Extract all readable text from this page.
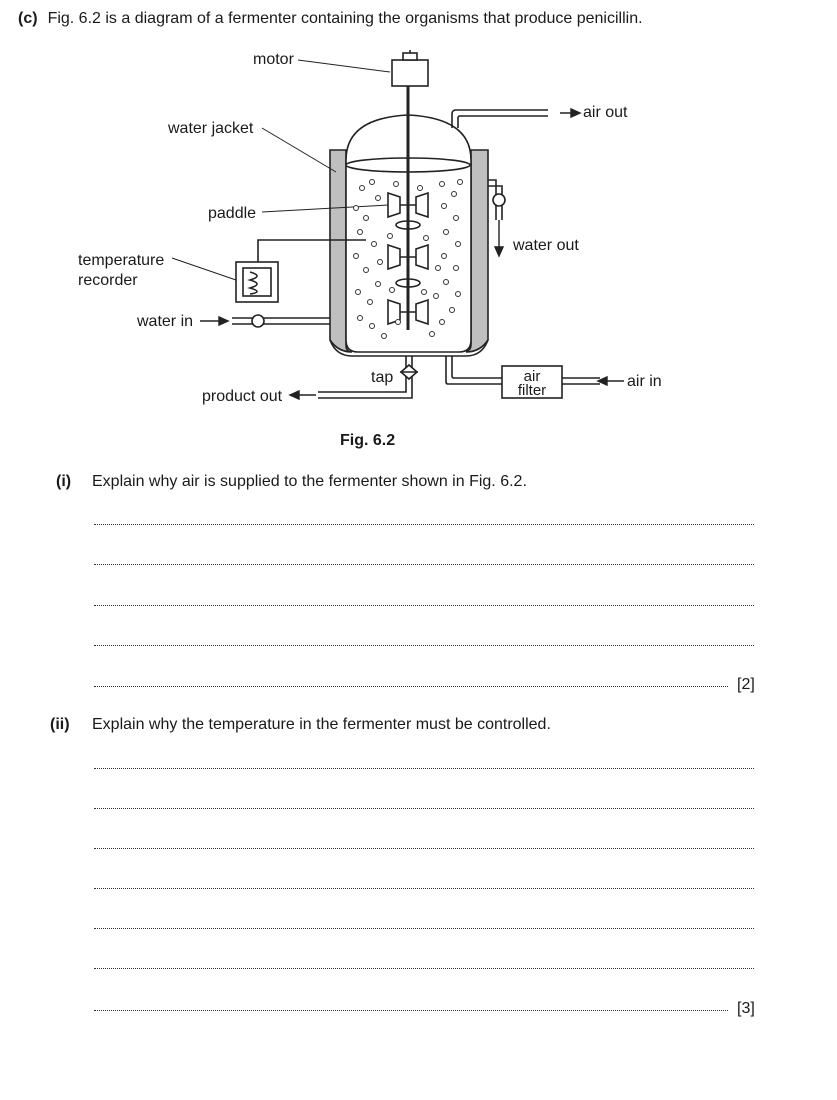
(c) Fig. 6.2 is a diagram of a fermenter containing the organisms that produce penicillin.
motor
water jacket
paddle
temperature
recorder
water in
tap
product out
air out
water out
air
filter
air in
Fig. 6.2
(i) Explain why air is supplied to the fermenter shown in Fig. 6.2.
[2]
(ii) Explain why the temperature in the fermenter must be controlled.
[3]
